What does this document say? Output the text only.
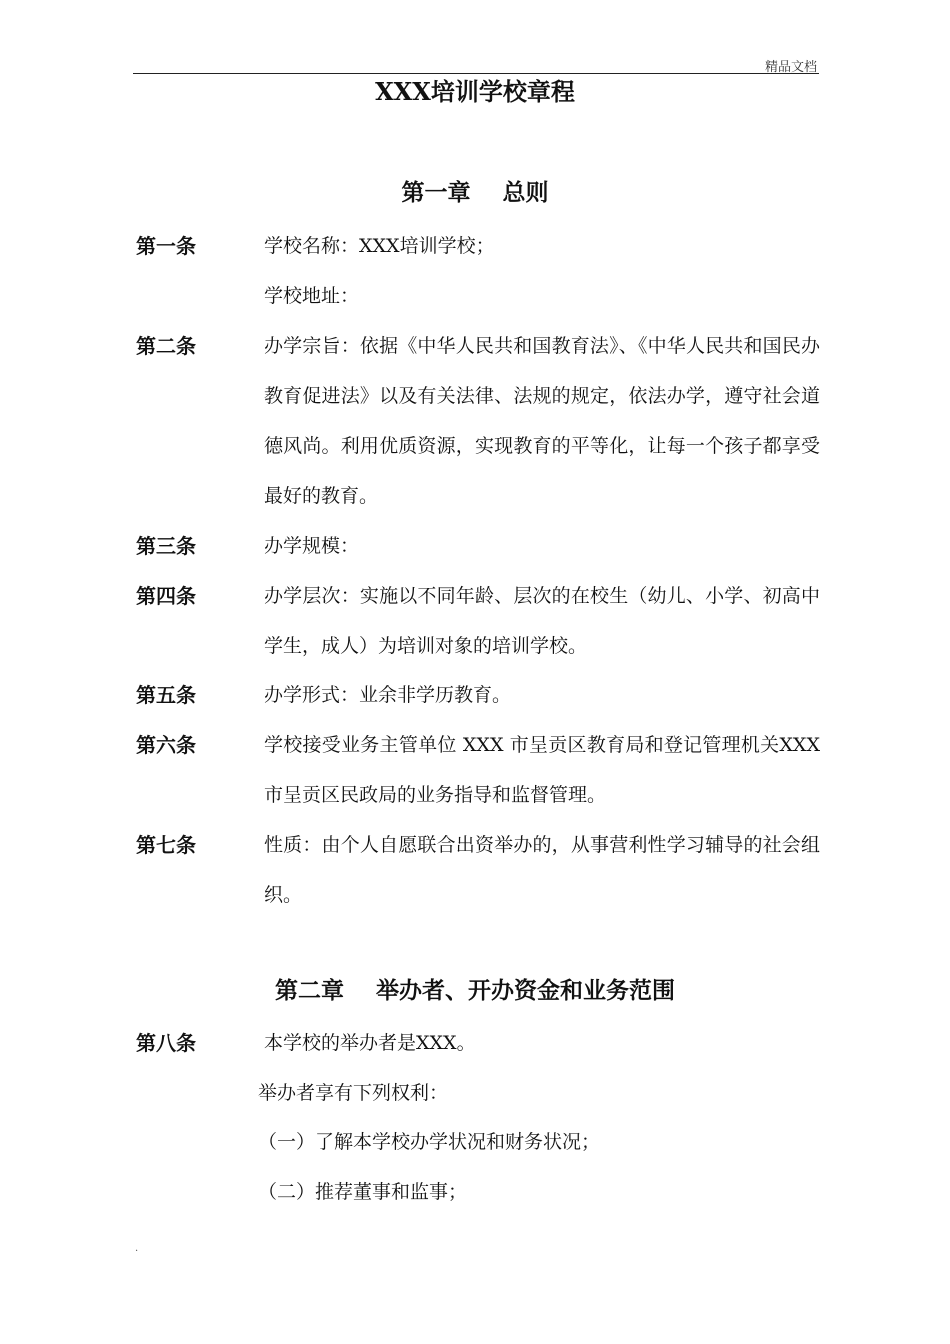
精品文档
XXX培训学校章程
第一章    总则
第一条	学校名称：XXX培训学校；
学校地址：
第二条	办学宗旨：依据《中华人民共和国教育法》、《中华人民共和国民办教育促进法》以及有关法律、法规的规定，依法办学，遵守社会道德风尚。利用优质资源，实现教育的平等化，让每一个孩子都享受最好的教育。
第三条	办学规模：
第四条	办学层次：实施以不同年龄、层次的在校生（幼儿、小学、初高中学生，成人）为培训对象的培训学校。
第五条	办学形式：业余非学历教育。
第六条	学校接受业务主管单位 XXX 市呈贡区教育局和登记管理机关XXX市呈贡区民政局的业务指导和监督管理。
第七条	性质：由个人自愿联合出资举办的，从事营利性学习辅导的社会组织。
第二章    举办者、开办资金和业务范围
第八条	本学校的举办者是XXX。
举办者享有下列权利：
（一）了解本学校办学状况和财务状况；
（二）推荐董事和监事；
.
